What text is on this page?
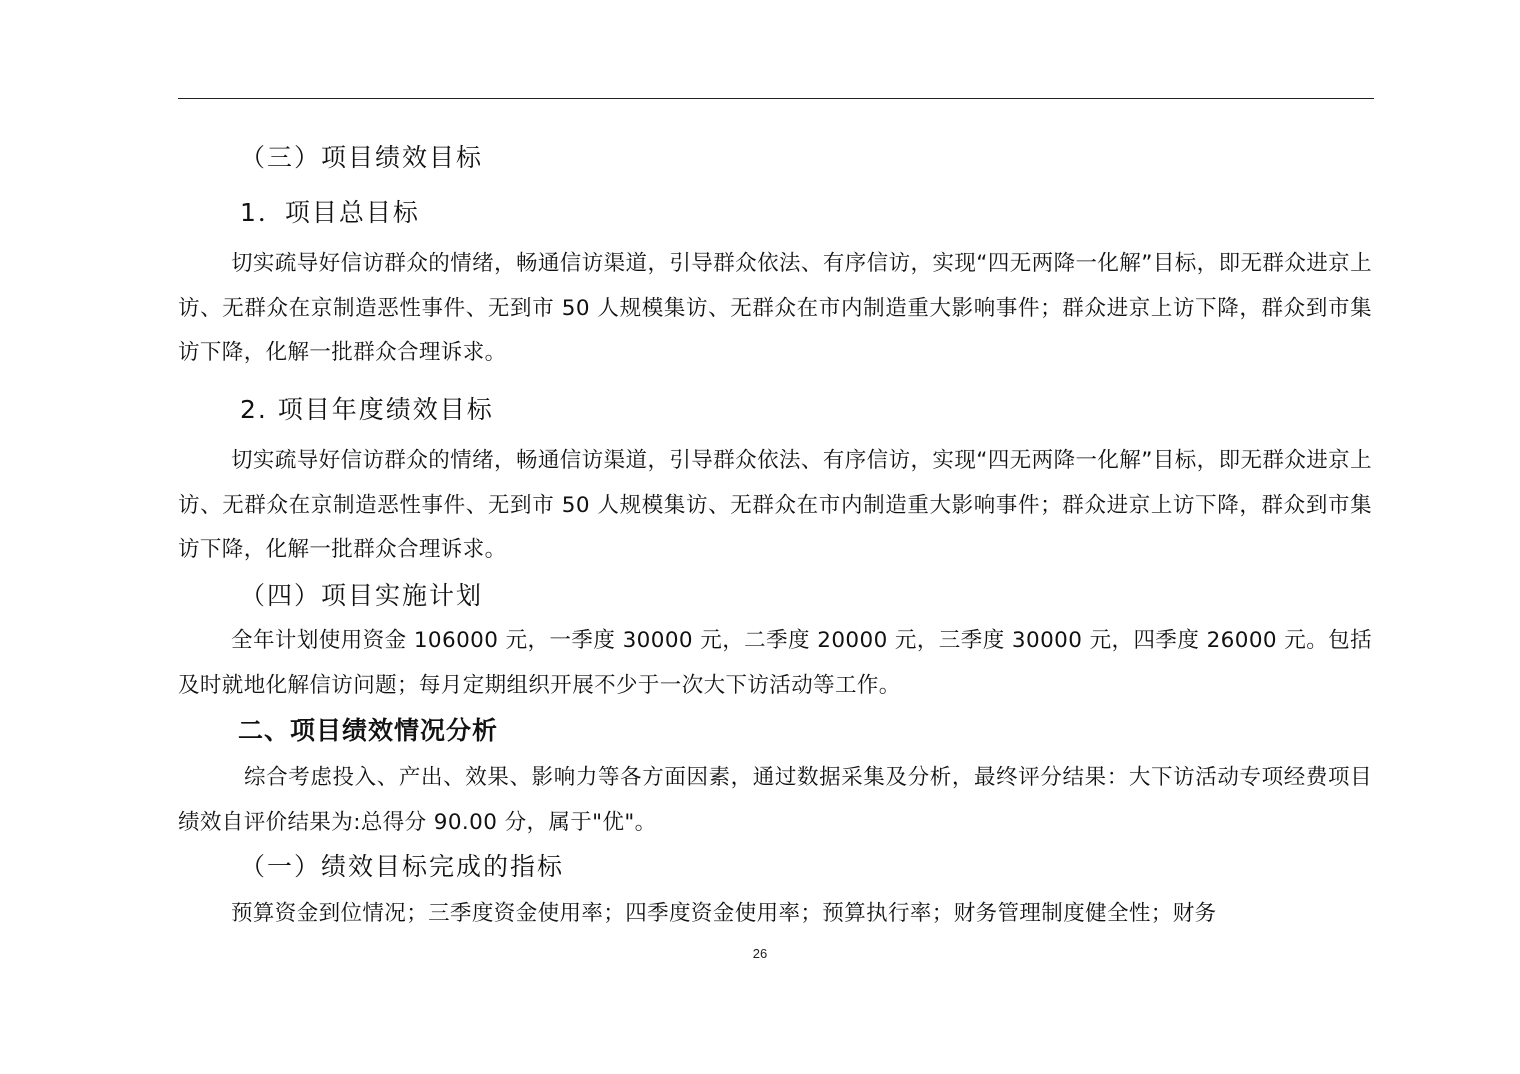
（三）项目绩效目标
1．项目总目标

切实疏导好信访群众的情绪，畅通信访渠道，引导群众依法、有序信访，实现“四无两降一化解”目标，即无群众进京上访、无群众在京制造恶性事件、无到市 50 人规模集访、无群众在市内制造重大影响事件；群众进京上访下降，群众到市集访下降，化解一批群众合理诉求。

2. 项目年度绩效目标

切实疏导好信访群众的情绪，畅通信访渠道，引导群众依法、有序信访，实现“四无两降一化解”目标，即无群众进京上访、无群众在京制造恶性事件、无到市 50 人规模集访、无群众在市内制造重大影响事件；群众进京上访下降，群众到市集访下降，化解一批群众合理诉求。

（四）项目实施计划

全年计划使用资金 106000 元，一季度 30000 元，二季度 20000 元，三季度 30000 元，四季度 26000 元。包括及时就地化解信访问题；每月定期组织开展不少于一次大下访活动等工作。

二、项目绩效情况分析

综合考虑投入、产出、效果、影响力等各方面因素，通过数据采集及分析，最终评分结果：大下访活动专项经费项目绩效自评价结果为:总得分 90.00 分，属于"优"。

（一）绩效目标完成的指标

预算资金到位情况；三季度资金使用率；四季度资金使用率；预算执行率；财务管理制度健全性；财务

26
